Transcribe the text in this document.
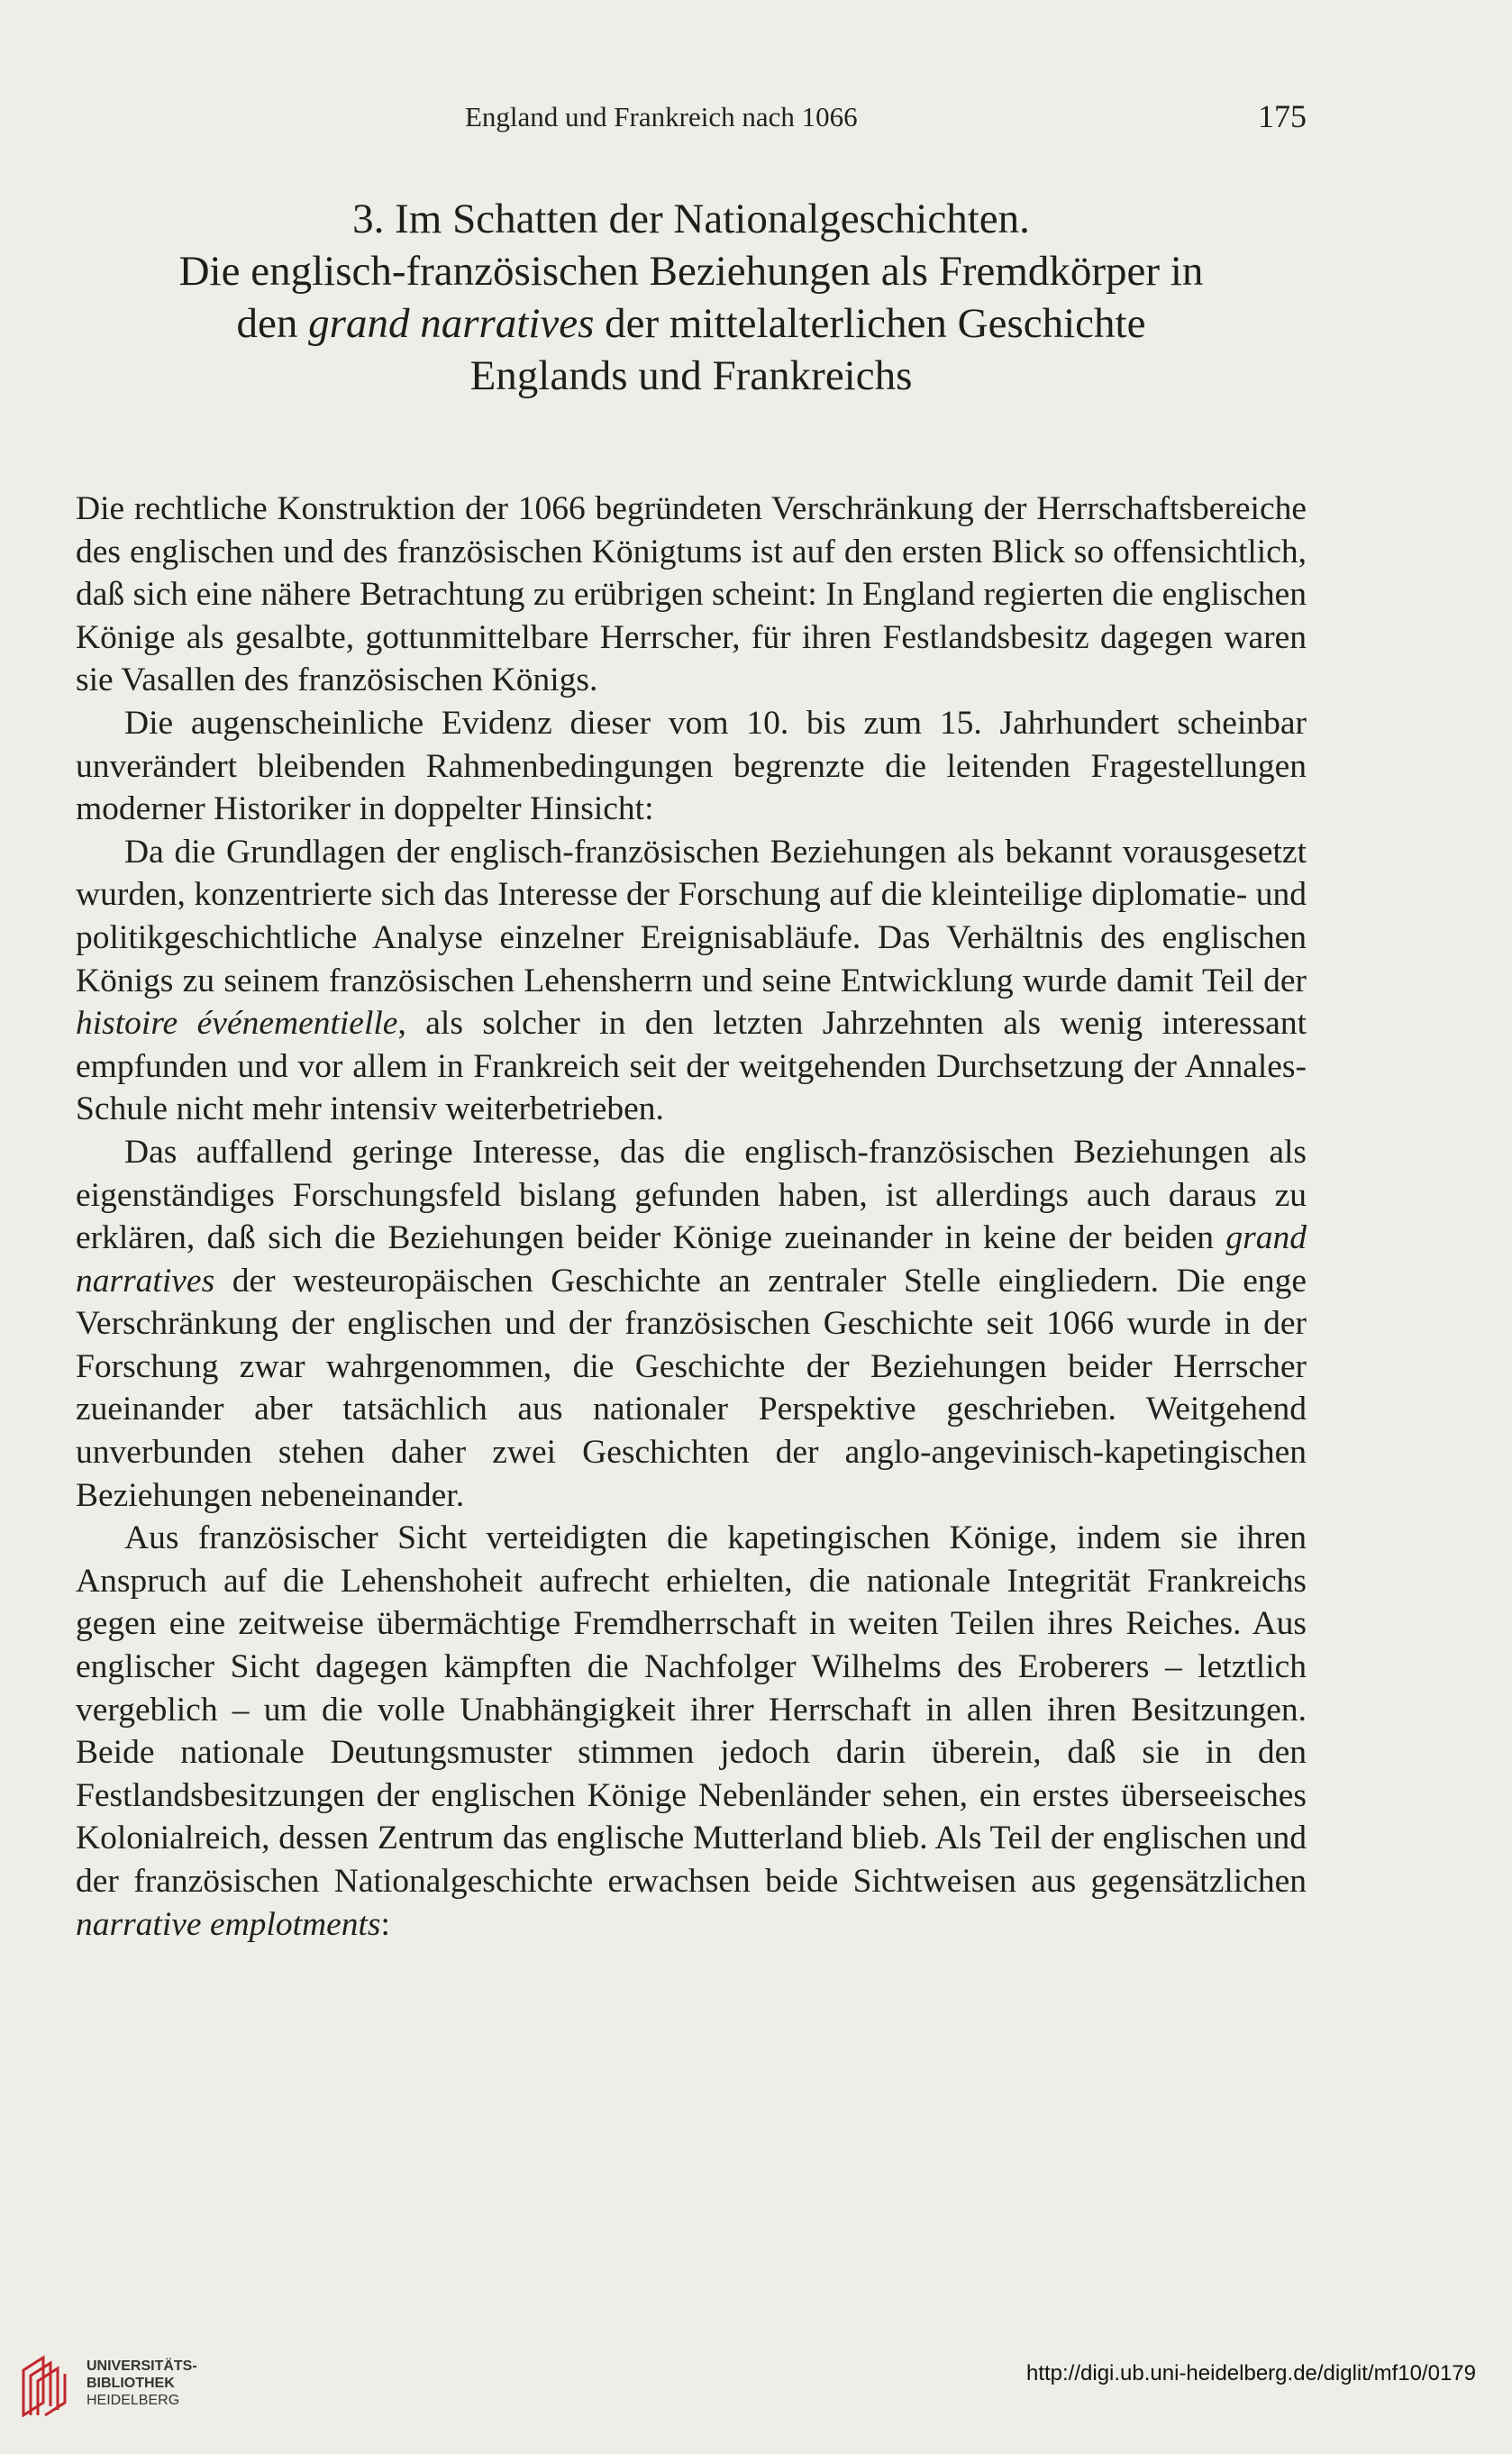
England und Frankreich nach 1066	175
3. Im Schatten der Nationalgeschichten.
Die englisch-französischen Beziehungen als Fremdkörper in
den grand narratives der mittelalterlichen Geschichte
Englands und Frankreichs

Die rechtliche Konstruktion der 1066 begründeten Verschränkung der Herrschaftsbereiche des englischen und des französischen Königtums ist auf den ersten Blick so offensichtlich, daß sich eine nähere Betrachtung zu erübrigen scheint: In England regierten die englischen Könige als gesalbte, gottunmittelbare Herrscher, für ihren Festlandsbesitz dagegen waren sie Vasallen des französischen Königs.

Die augenscheinliche Evidenz dieser vom 10. bis zum 15. Jahrhundert scheinbar unverändert bleibenden Rahmenbedingungen begrenzte die leitenden Fragestellungen moderner Historiker in doppelter Hinsicht:

Da die Grundlagen der englisch-französischen Beziehungen als bekannt vorausgesetzt wurden, konzentrierte sich das Interesse der Forschung auf die kleinteilige diplomatie- und politikgeschichtliche Analyse einzelner Ereignisabläufe. Das Verhältnis des englischen Königs zu seinem französischen Lehensherrn und seine Entwicklung wurde damit Teil der histoire événementielle, als solcher in den letzten Jahrzehnten als wenig interessant empfunden und vor allem in Frankreich seit der weitgehenden Durchsetzung der Annales-Schule nicht mehr intensiv weiterbetrieben.

Das auffallend geringe Interesse, das die englisch-französischen Beziehungen als eigenständiges Forschungsfeld bislang gefunden haben, ist allerdings auch daraus zu erklären, daß sich die Beziehungen beider Könige zueinander in keine der beiden grand narratives der westeuropäischen Geschichte an zentraler Stelle eingliedern. Die enge Verschränkung der englischen und der französischen Geschichte seit 1066 wurde in der Forschung zwar wahrgenommen, die Geschichte der Beziehungen beider Herrscher zueinander aber tatsächlich aus nationaler Perspektive geschrieben. Weitgehend unverbunden stehen daher zwei Geschichten der anglo-angevinisch-kapetingischen Beziehungen nebeneinander.

Aus französischer Sicht verteidigten die kapetingischen Könige, indem sie ihren Anspruch auf die Lehenshoheit aufrecht erhielten, die nationale Integrität Frankreichs gegen eine zeitweise übermächtige Fremdherrschaft in weiten Teilen ihres Reiches. Aus englischer Sicht dagegen kämpften die Nachfolger Wilhelms des Eroberers – letztlich vergeblich – um die volle Unabhängigkeit ihrer Herrschaft in allen ihren Besitzungen. Beide nationale Deutungsmuster stimmen jedoch darin überein, daß sie in den Festlandsbesitzungen der englischen Könige Nebenländer sehen, ein erstes überseeisches Kolonialreich, dessen Zentrum das englische Mutterland blieb. Als Teil der englischen und der französischen Nationalgeschichte erwachsen beide Sichtweisen aus gegensätzlichen narrative emplotments:

UNIVERSITÄTS-
BIBLIOTHEK
HEIDELBERG
http://digi.ub.uni-heidelberg.de/diglit/mf10/0179
